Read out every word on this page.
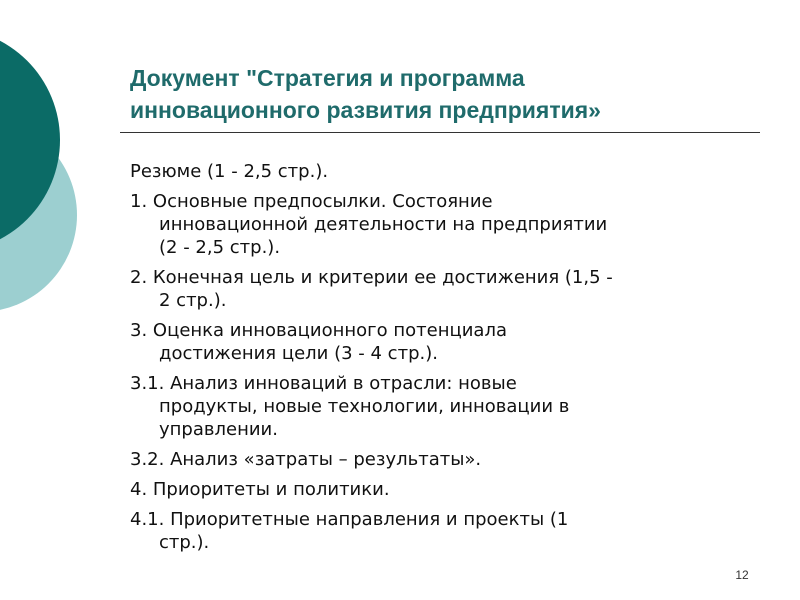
Документ "Стратегия и программа
инновационного развития предприятия»
Резюме (1 - 2,5 стр.).
1. Основные предпосылки. Состояние
инновационной деятельности на предприятии
(2 - 2,5 стр.).
2. Конечная цель и критерии ее достижения (1,5 -
2 стр.).
3. Оценка инновационного потенциала
достижения цели (3 - 4 стр.).
3.1. Анализ инноваций в отрасли: новые
продукты, новые технологии, инновации в
управлении.
3.2. Анализ «затраты – результаты».
4. Приоритеты и политики.
4.1. Приоритетные направления и проекты (1
стр.).
12
